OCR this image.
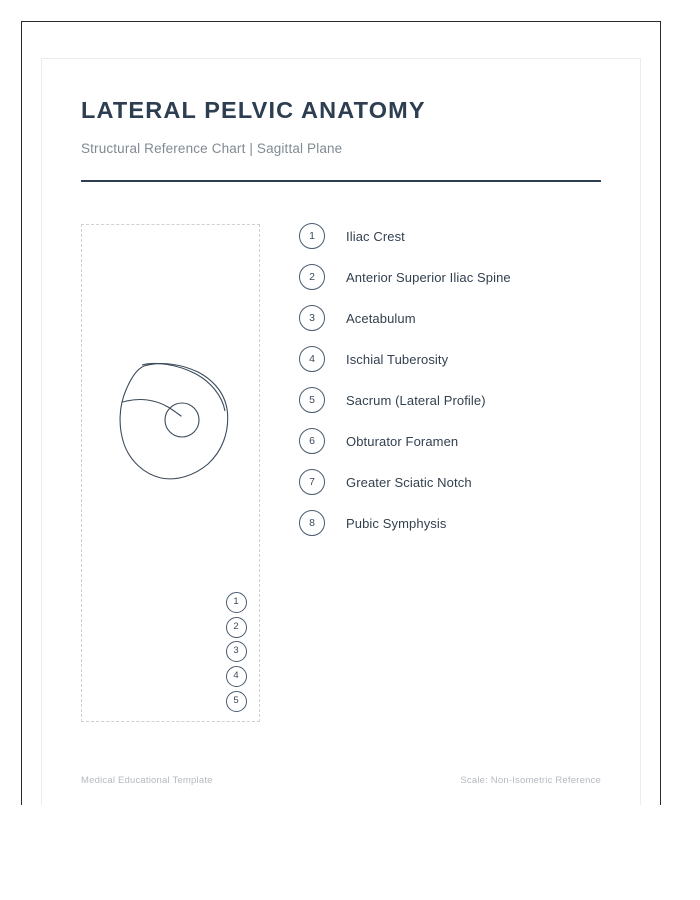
LATERAL PELVIC ANATOMY
Structural Reference Chart | Sagittal Plane
1
2
3
4
5
1 Iliac Crest
2 Anterior Superior Iliac Spine
3 Acetabulum
4 Ischial Tuberosity
5 Sacrum (Lateral Profile)
6 Obturator Foramen
7 Greater Sciatic Notch
8 Pubic Symphysis
Medical Educational Template	Scale: Non-Isometric Reference
